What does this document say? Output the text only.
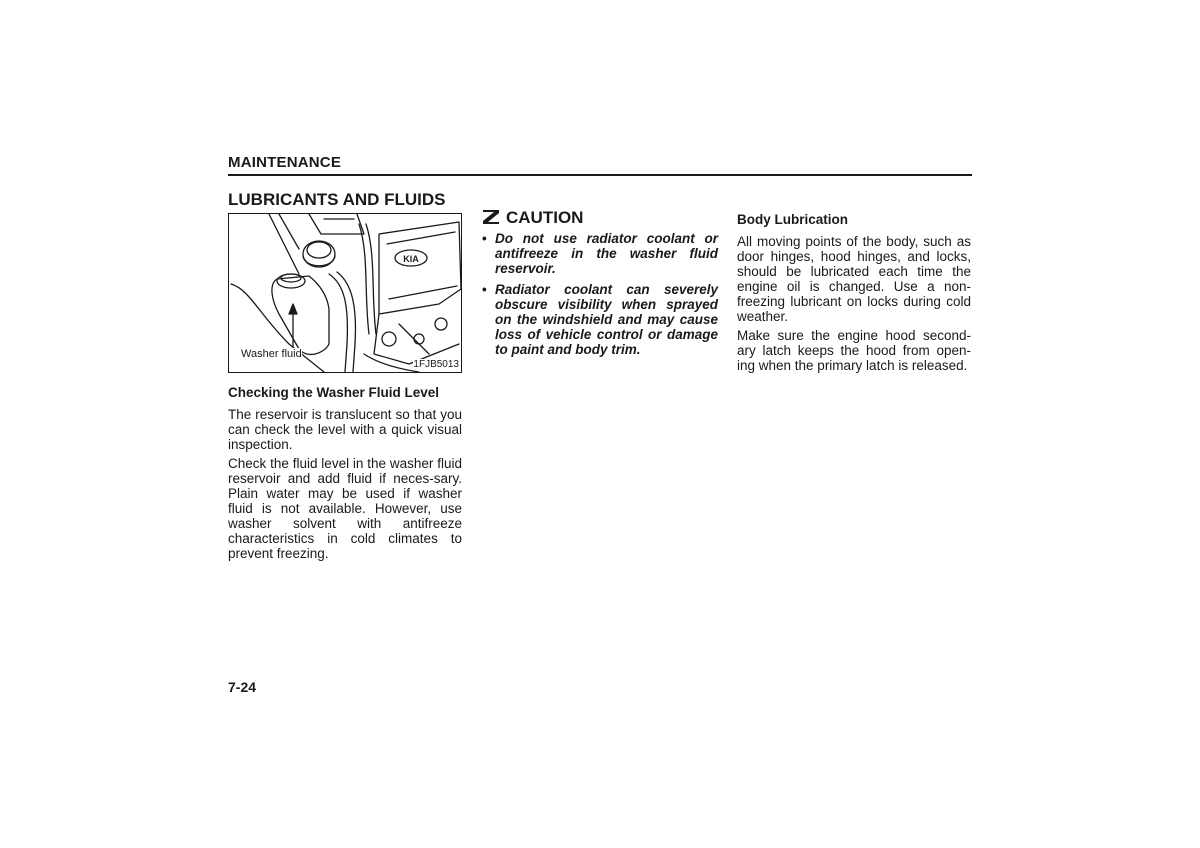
MAINTENANCE
LUBRICANTS AND FLUIDS
KIA
Washer fluid
1FJB5013
Checking the Washer Fluid Level

The reservoir is translucent so that you can check the level with a quick visual inspection.

Check the fluid level in the washer fluid reservoir and add fluid if neces-sary. Plain water may be used if washer fluid is not available. However, use washer solvent with antifreeze characteristics in cold climates to prevent freezing.

CAUTION
• Do not use radiator coolant or antifreeze in the washer fluid reservoir.
• Radiator coolant can severely obscure visibility when sprayed on the windshield and may cause loss of vehicle control or damage to paint and body trim.
Body Lubrication

All moving points of the body, such as door hinges, hood hinges, and locks, should be lubricated each time the engine oil is changed. Use a non-freezing lubricant on locks during cold weather.

Make sure the engine hood second-ary latch keeps the hood from open-ing when the primary latch is released.

7-24
